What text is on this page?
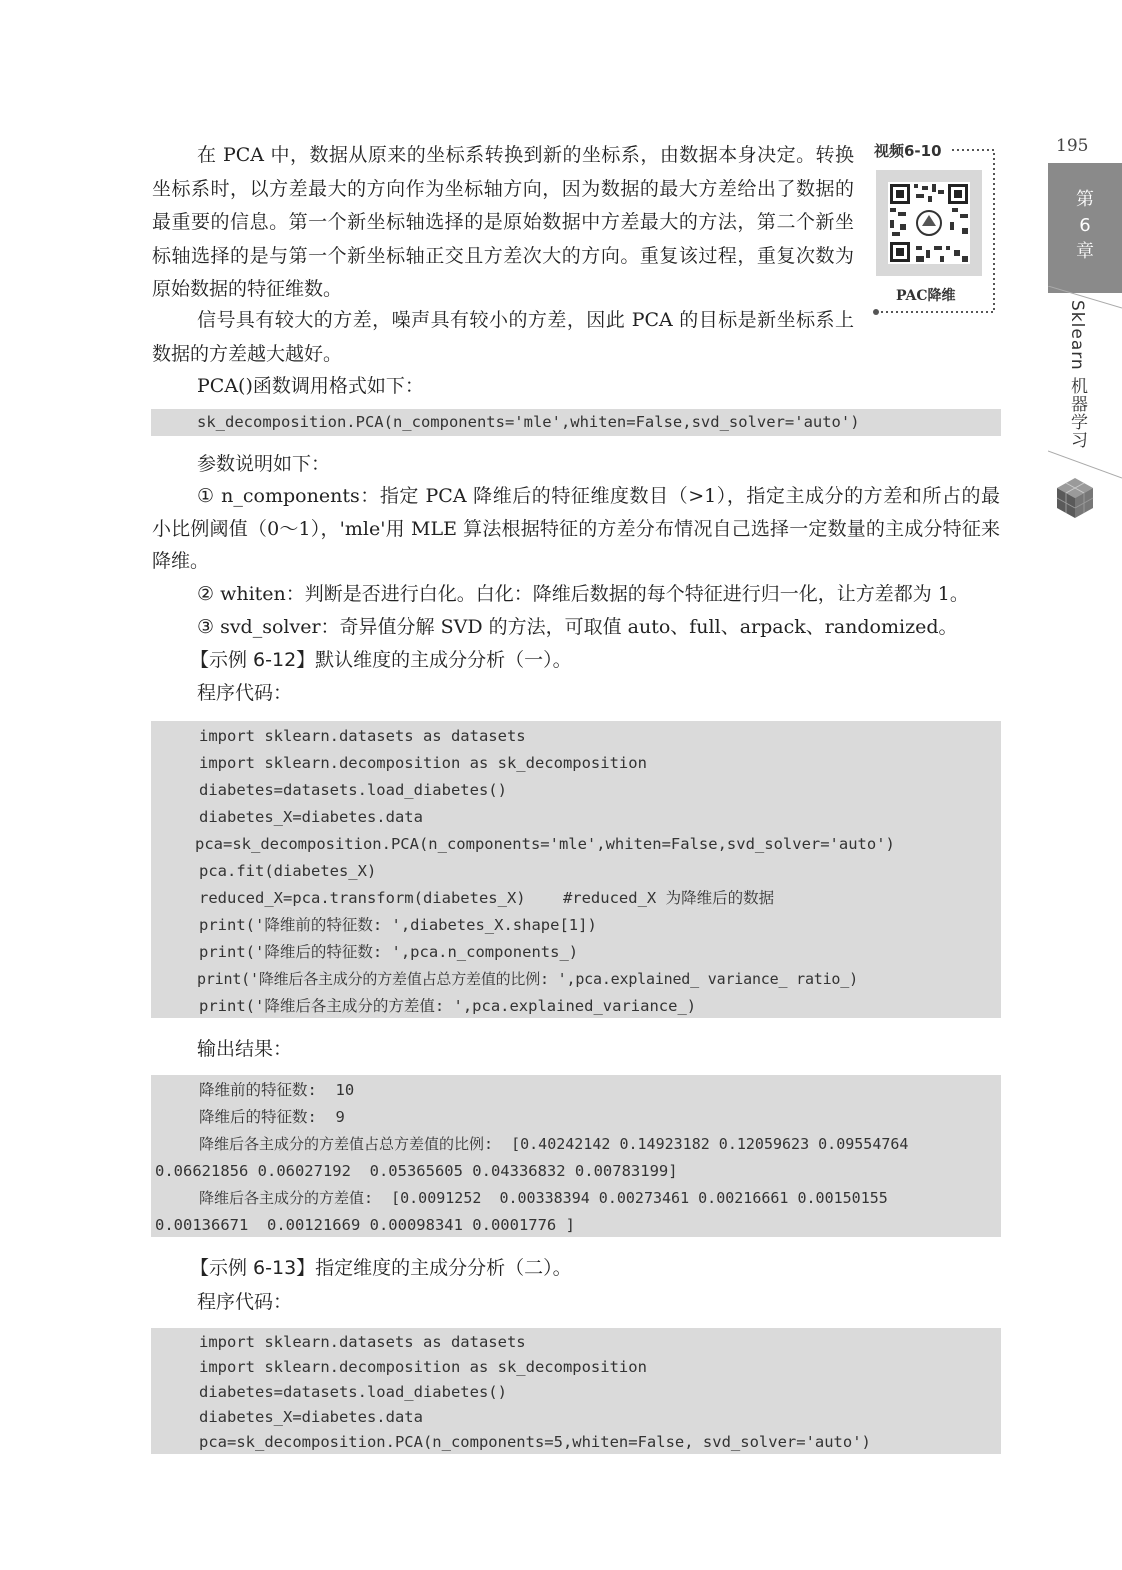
195
第
6
章
Sklearn 机器学习
视频6-10
PAC降维

在 PCA 中，数据从原来的坐标系转换到新的坐标系，由数据本身决定。转换坐标系时，以方差最大的方向作为坐标轴方向，因为数据的最大方差给出了数据的最重要的信息。第一个新坐标轴选择的是原始数据中方差最大的方法，第二个新坐标轴选择的是与第一个新坐标轴正交且方差次大的方向。重复该过程，重复次数为原始数据的特征维数。

信号具有较大的方差，噪声具有较小的方差，因此 PCA 的目标是新坐标系上数据的方差越大越好。

PCA()函数调用格式如下：
sk_decomposition.PCA(n_components='mle',whiten=False,svd_solver='auto')
参数说明如下：

① n_components：指定 PCA 降维后的特征维度数目（>1），指定主成分的方差和所占的最小比例阈值（0～1），'mle'用 MLE 算法根据特征的方差分布情况自己选择一定数量的主成分特征来降维。

② whiten：判断是否进行白化。白化：降维后数据的每个特征进行归一化，让方差都为 1。
③ svd_solver：奇异值分解 SVD 的方法，可取值 auto、full、arpack、randomized。
【示例 6-12】默认维度的主成分分析（一）。
程序代码：
import sklearn.datasets as datasets
import sklearn.decomposition as sk_decomposition
diabetes=datasets.load_diabetes()
diabetes_X=diabetes.data
pca=sk_decomposition.PCA(n_components='mle',whiten=False,svd_solver='auto')
pca.fit(diabetes_X)
reduced_X=pca.transform(diabetes_X)    #reduced_X 为降维后的数据
print('降维前的特征数: ',diabetes_X.shape[1])
print('降维后的特征数: ',pca.n_components_)
print('降维后各主成分的方差值占总方差值的比例: ',pca.explained_ variance_ ratio_)
print('降维后各主成分的方差值: ',pca.explained_variance_)
输出结果：
降维前的特征数:  10
降维后的特征数:  9
降维后各主成分的方差值占总方差值的比例:  [0.40242142 0.14923182 0.12059623 0.09554764
0.06621856 0.06027192  0.05365605 0.04336832 0.00783199]
降维后各主成分的方差值:  [0.0091252  0.00338394 0.00273461 0.00216661 0.00150155
0.00136671  0.00121669 0.00098341 0.0001776 ]
【示例 6-13】指定维度的主成分分析（二）。
程序代码：
import sklearn.datasets as datasets
import sklearn.decomposition as sk_decomposition
diabetes=datasets.load_diabetes()
diabetes_X=diabetes.data
pca=sk_decomposition.PCA(n_components=5,whiten=False, svd_solver='auto')
